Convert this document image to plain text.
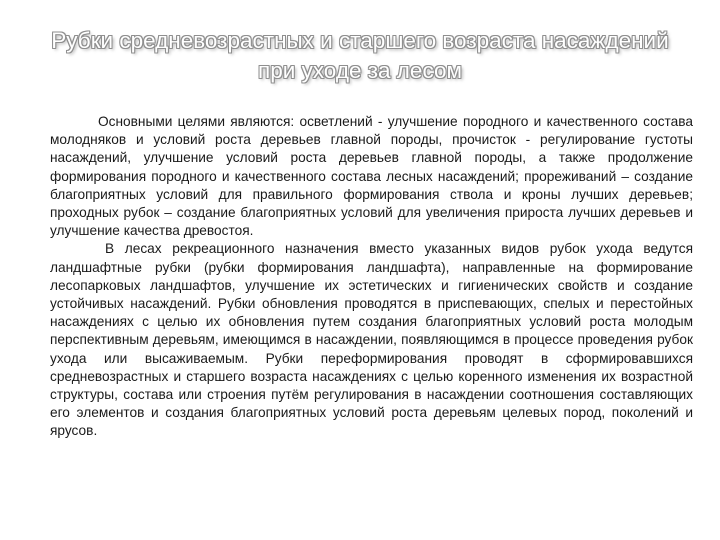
Рубки средневозрастных и старшего возраста насаждений
при уходе за лесом

Основными целями являются: осветлений - улучшение породного и качественного состава молодняков и условий роста деревьев главной породы, прочисток - регулирование густоты насаждений, улучшение условий роста деревьев главной породы, а также продолжение формирования породного и качественного состава лесных насаждений; прореживаний – создание благоприятных условий для правильного формирования ствола и кроны лучших деревьев; проходных рубок – создание благоприятных условий для увеличения прироста лучших деревьев и улучшение качества древостоя.

В лесах рекреационного назначения вместо указанных видов рубок ухода ведутся ландшафтные рубки (рубки формирования ландшафта), направленные на формирование лесопарковых ландшафтов, улучшение их эстетических и гигиенических свойств и создание устойчивых насаждений. Рубки обновления проводятся в приспевающих, спелых и перестойных насаждениях с целью их обновления путем создания благоприятных условий роста молодым перспективным деревьям, имеющимся в насаждении, появляющимся в процессе проведения рубок ухода или высаживаемым. Рубки переформирования проводят в сформировавшихся средневозрастных и старшего возраста насаждениях с целью коренного изменения их возрастной структуры, состава или строения путём регулирования в насаждении соотношения составляющих его элементов и создания благоприятных условий роста деревьям целевых пород, поколений и ярусов.
